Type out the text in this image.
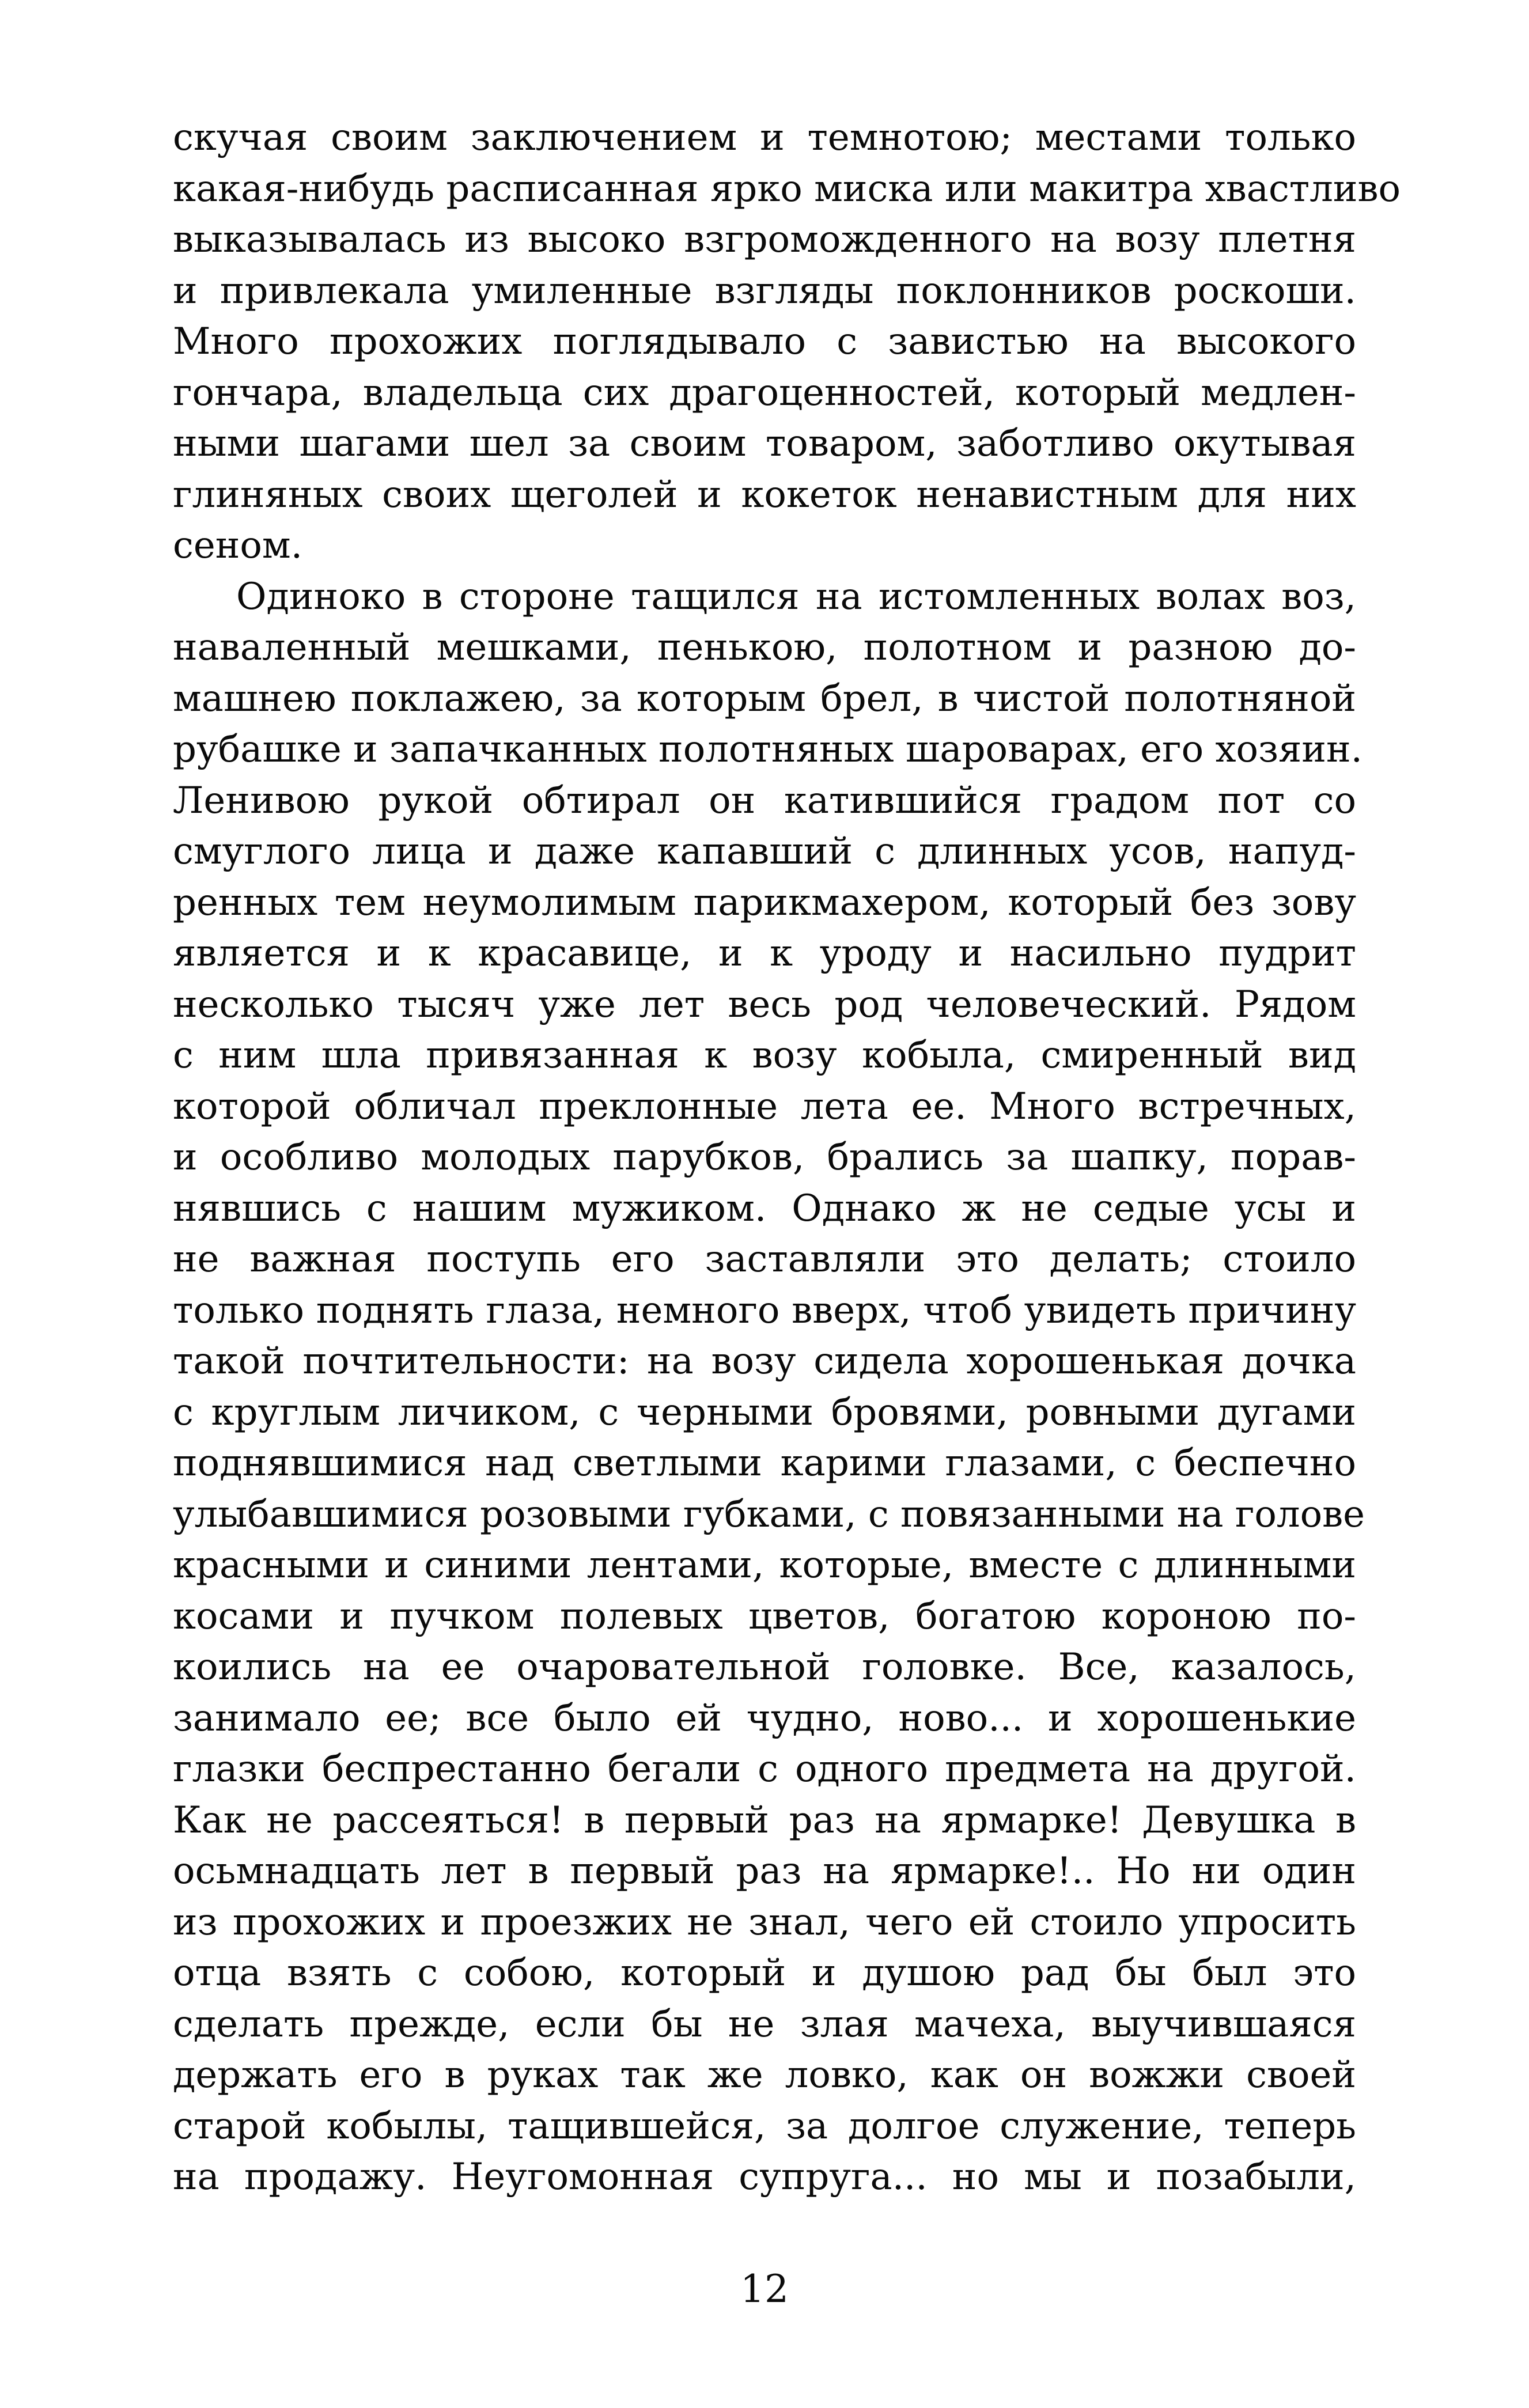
скучая своим заключением и темнотою; местами только
какая-нибудь расписанная ярко миска или макитра хвастливо
выказывалась из высоко взгроможденного на возу плетня
и привлекала умиленные взгляды поклонников роскоши.
Много прохожих поглядывало с завистью на высокого
гончара, владельца сих драгоценностей, который медлен-
ными шагами шел за своим товаром, заботливо окутывая
глиняных своих щеголей и кокеток ненавистным для них
сеном.
Одиноко в стороне тащился на истомленных волах воз,
наваленный мешками, пенькою, полотном и разною до-
машнею поклажею, за которым брел, в чистой полотняной
рубашке и запачканных полотняных шароварах, его хозяин.
Ленивою рукой обтирал он катившийся градом пот со
смуглого лица и даже капавший с длинных усов, напуд-
ренных тем неумолимым парикмахером, который без зову
является и к красавице, и к уроду и насильно пудрит
несколько тысяч уже лет весь род человеческий. Рядом
с ним шла привязанная к возу кобыла, смиренный вид
которой обличал преклонные лета ее. Много встречных,
и особливо молодых парубков, брались за шапку, порав-
нявшись с нашим мужиком. Однако ж не седые усы и
не важная поступь его заставляли это делать; стоило
только поднять глаза, немного вверх, чтоб увидеть причину
такой почтительности: на возу сидела хорошенькая дочка
с круглым личиком, с черными бровями, ровными дугами
поднявшимися над светлыми карими глазами, с беспечно
улыбавшимися розовыми губками, с повязанными на голове
красными и синими лентами, которые, вместе с длинными
косами и пучком полевых цветов, богатою короною по-
коились на ее очаровательной головке. Все, казалось,
занимало ее; все было ей чудно, ново... и хорошенькие
глазки беспрестанно бегали с одного предмета на другой.
Как не рассеяться! в первый раз на ярмарке! Девушка в
осьмнадцать лет в первый раз на ярмарке!.. Но ни один
из прохожих и проезжих не знал, чего ей стоило упросить
отца взять с собою, который и душою рад бы был это
сделать прежде, если бы не злая мачеха, выучившаяся
держать его в руках так же ловко, как он вожжи своей
старой кобылы, тащившейся, за долгое служение, теперь
на продажу. Неугомонная супруга... но мы и позабыли,
12
